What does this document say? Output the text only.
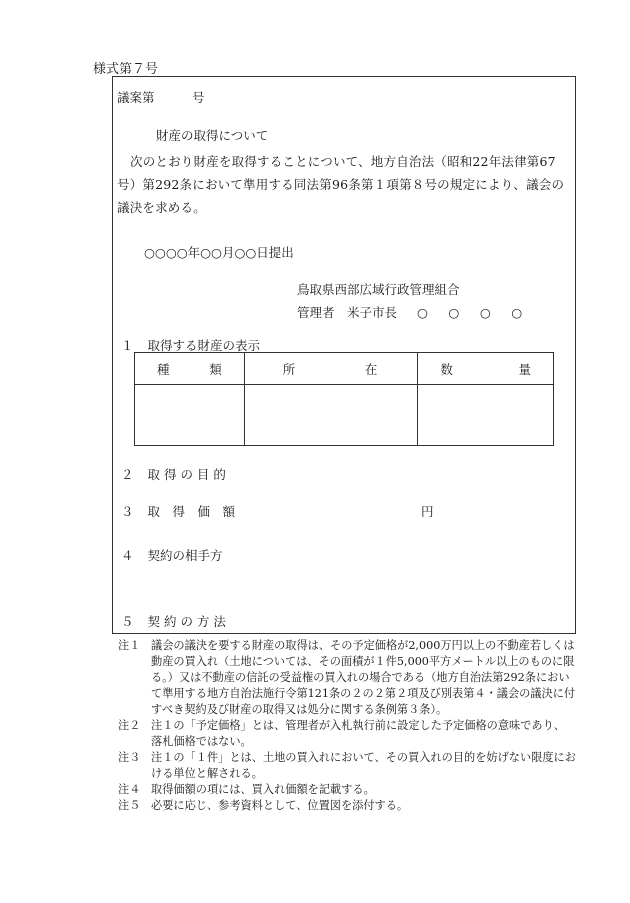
様式第７号
議案第　　　号
財産の取得について

次のとおり財産を取得することについて、地方自治法（昭和22年法律第67号）第292条において準用する同法第96条第１項第８号の規定により、議会の議決を求める。

○○○○年○○月○○日提出
鳥取県西部広域行政管理組合
管理者　米子市長 ○　○　○　○
１ 取得する財産の表示
種 類	所 在	数 量

２ 取 得 の 目 的
３ 取　得　価　額	円
４ 契約の相手方
５ 契 約 の 方 法
注１ 議会の議決を要する財産の取得は、その予定価格が2,000万円以上の不動産若しくは動産の買入れ（土地については、その面積が１件5,000平方メートル以上のものに限る。）又は不動産の信託の受益権の買入れの場合である（地方自治法第292条において準用する地方自治法施行令第121条の２の２第２項及び別表第４・議会の議決に付すべき契約及び財産の取得又は処分に関する条例第３条）。
注２ 注１の「予定価格」とは、管理者が入札執行前に設定した予定価格の意味であり、落札価格ではない。
注３ 注１の「１件」とは、土地の買入れにおいて、その買入れの目的を妨げない限度における単位と解される。
注４ 取得価額の項には、買入れ価額を記載する。
注５ 必要に応じ、参考資料として、位置図を添付する。
